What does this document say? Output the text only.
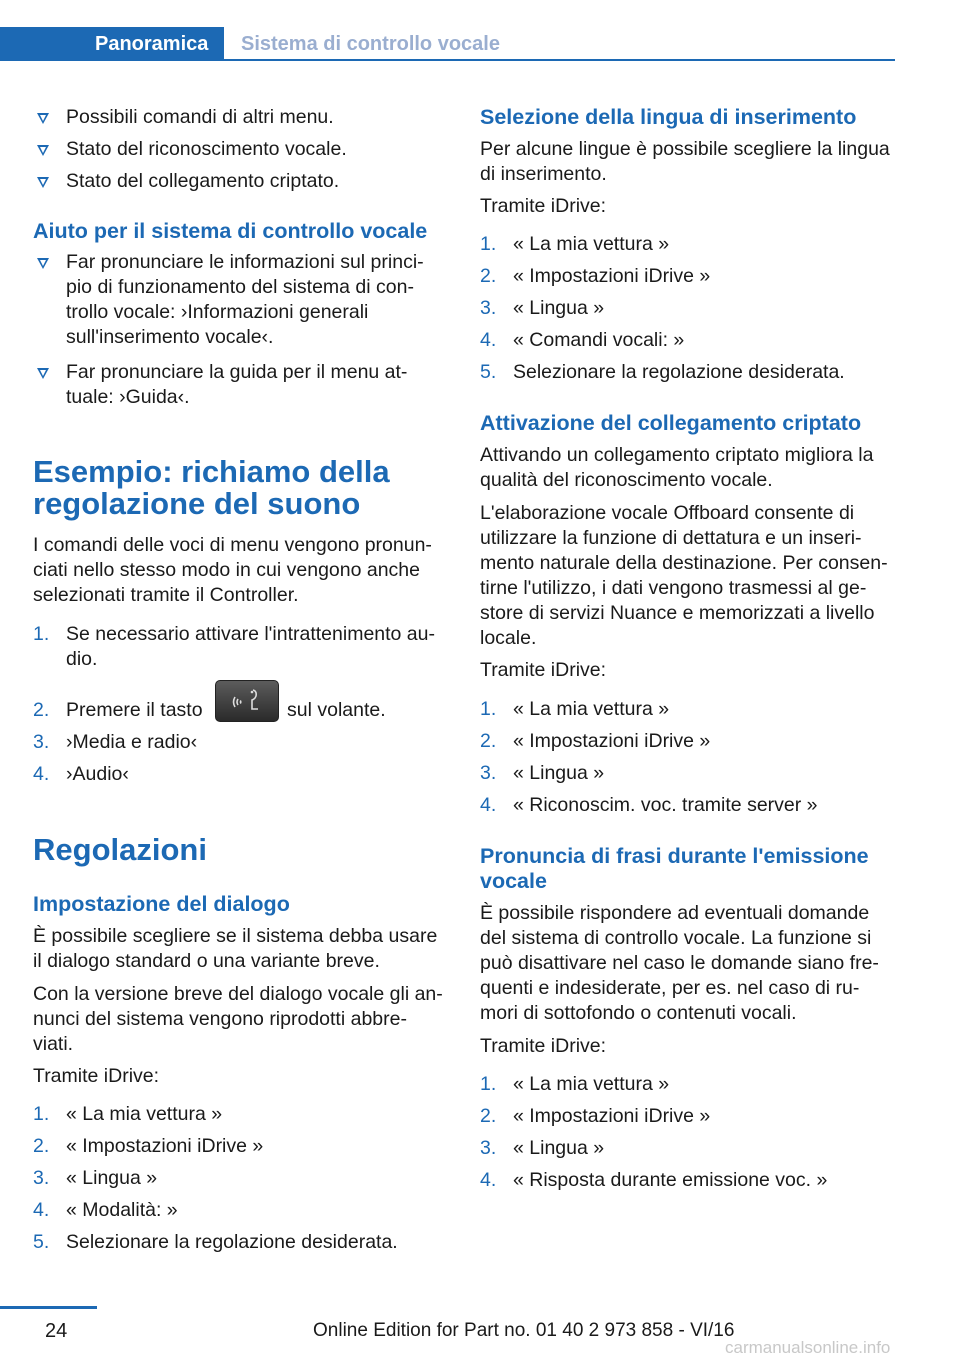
Panoramica Sistema di controllo vocale
Possibili comandi di altri menu.
Stato del riconoscimento vocale.
Stato del collegamento criptato.
Aiuto per il sistema di controllo vocale
Far pronunciare le informazioni sul princi-
pio di funzionamento del sistema di con-
trollo vocale: ›Informazioni generali
sull'inserimento vocale‹.
Far pronunciare la guida per il menu at-
tuale: ›Guida‹.
Esempio: richiamo della
regolazione del suono
I comandi delle voci di menu vengono pronun-
ciati nello stesso modo in cui vengono anche
selezionati tramite il Controller.
1. Se necessario attivare l'intrattenimento au-
dio.
2. Premere il tasto	sul volante.
3. ›Media e radio‹
4. ›Audio‹
Regolazioni
Impostazione del dialogo
È possibile scegliere se il sistema debba usare
il dialogo standard o una variante breve.
Con la versione breve del dialogo vocale gli an-
nunci del sistema vengono riprodotti abbre-
viati.
Tramite iDrive:
1. « La mia vettura »
2. « Impostazioni iDrive »
3. « Lingua »
4. « Modalità: »
5. Selezionare la regolazione desiderata.
Selezione della lingua di inserimento
Per alcune lingue è possibile scegliere la lingua
di inserimento.
Tramite iDrive:
1. « La mia vettura »
2. « Impostazioni iDrive »
3. « Lingua »
4. « Comandi vocali: »
5. Selezionare la regolazione desiderata.
Attivazione del collegamento criptato
Attivando un collegamento criptato migliora la
qualità del riconoscimento vocale.
L'elaborazione vocale Offboard consente di
utilizzare la funzione di dettatura e un inseri-
mento naturale della destinazione. Per consen-
tirne l'utilizzo, i dati vengono trasmessi al ge-
store di servizi Nuance e memorizzati a livello
locale.
Tramite iDrive:
1. « La mia vettura »
2. « Impostazioni iDrive »
3. « Lingua »
4. « Riconoscim. voc. tramite server »
Pronuncia di frasi durante l'emissione
vocale
È possibile rispondere ad eventuali domande
del sistema di controllo vocale. La funzione si
può disattivare nel caso le domande siano fre-
quenti e indesiderate, per es. nel caso di ru-
mori di sottofondo o contenuti vocali.
Tramite iDrive:
1. « La mia vettura »
2. « Impostazioni iDrive »
3. « Lingua »
4. « Risposta durante emissione voc. »
24	Online Edition for Part no. 01 40 2 973 858 - VI/16
carmanualsonline.info
